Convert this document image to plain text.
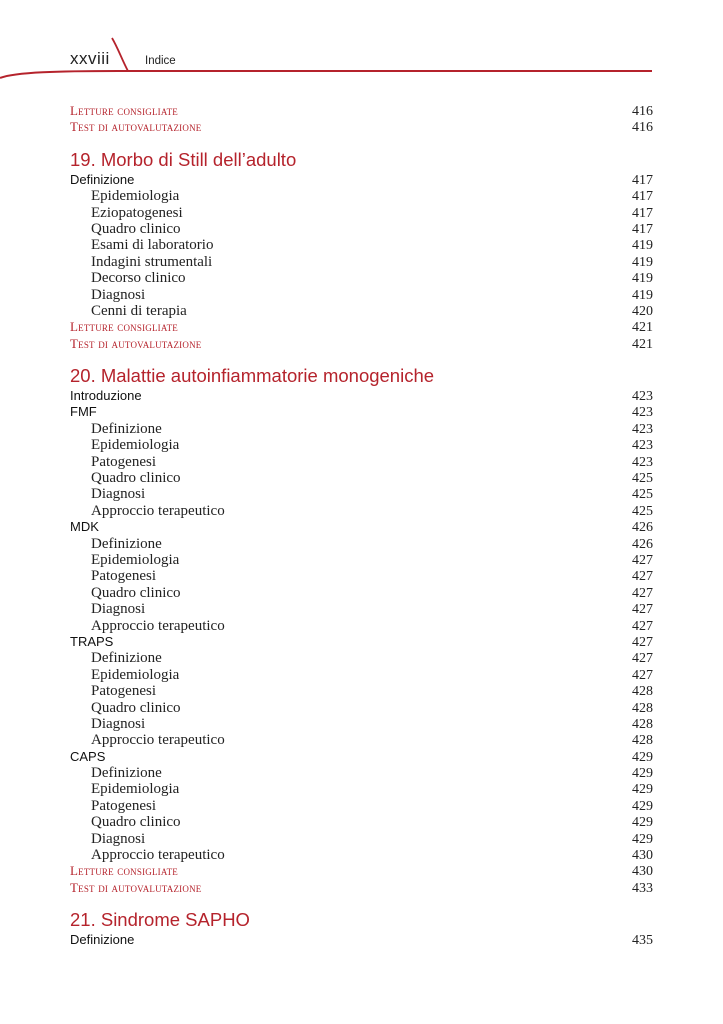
xxviii	Indice
Letture consigliate	416
Test di autovalutazione	416
19. Morbo di Still dell’adulto
Definizione	417
Epidemiologia	417
Eziopatogenesi	417
Quadro clinico	417
Esami di laboratorio	419
Indagini strumentali	419
Decorso clinico	419
Diagnosi	419
Cenni di terapia	420
Letture consigliate	421
Test di autovalutazione	421
20. Malattie autoinfiammatorie monogeniche
Introduzione	423
FMF	423
Definizione	423
Epidemiologia	423
Patogenesi	423
Quadro clinico	425
Diagnosi	425
Approccio terapeutico	425
MDK	426
Definizione	426
Epidemiologia	427
Patogenesi	427
Quadro clinico	427
Diagnosi	427
Approccio terapeutico	427
TRAPS	427
Definizione	427
Epidemiologia	427
Patogenesi	428
Quadro clinico	428
Diagnosi	428
Approccio terapeutico	428
CAPS	429
Definizione	429
Epidemiologia	429
Patogenesi	429
Quadro clinico	429
Diagnosi	429
Approccio terapeutico	430
Letture consigliate	430
Test di autovalutazione	433
21. Sindrome SAPHO
Definizione	435
